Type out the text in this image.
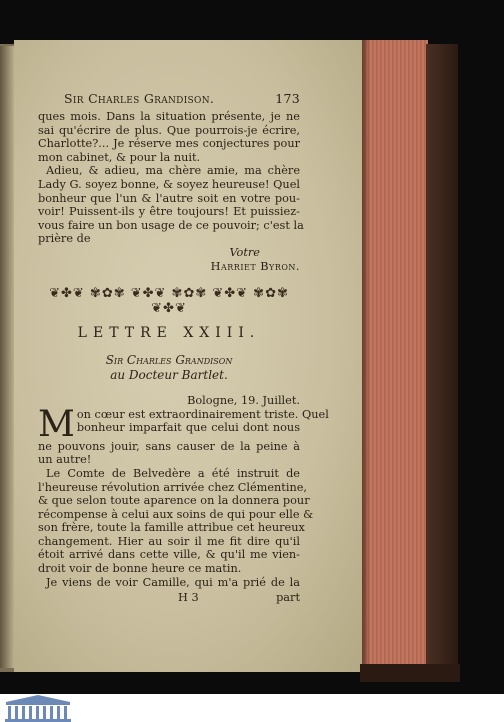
Sir Charles Grandison.	173
ques mois. Dans la situation présente, je ne
sai qu'écrire de plus. Que pourrois-je écrire,
Charlotte?... Je réserve mes conjectures pour
mon cabinet, & pour la nuit.
Adieu, & adieu, ma chère amie, ma chère
Lady G. soyez bonne, & soyez heureuse! Quel
bonheur que l'un & l'autre soit en votre pou-
voir! Puissent-ils y être toujours! Et puissiez-
vous faire un bon usage de ce pouvoir; c'est la
prière de
Votre
Harriet Byron.
❦✤❦ ✾✿✾ ❦✤❦ ✾✿✾ ❦✤❦ ✾✿✾ ❦✤❦
LETTRE XXIII.
Sir Charles Grandison
au Docteur Bartlet.
Bologne, 19. Juillet.
M on cœur est extraordinairement triste. Quel
bonheur imparfait que celui dont nous
ne pouvons jouir, sans causer de la peine à
un autre!
Le Comte de Belvedère a été instruit de
l'heureuse révolution arrivée chez Clémentine,
& que selon toute aparence on la donnera pour
récompense à celui aux soins de qui pour elle &
son frère, toute la famille attribue cet heureux
changement. Hier au soir il me fit dire qu'il
étoit arrivé dans cette ville, & qu'il me vien-
droit voir de bonne heure ce matin.
Je viens de voir Camille, qui m'a prié de la
H 3	part
